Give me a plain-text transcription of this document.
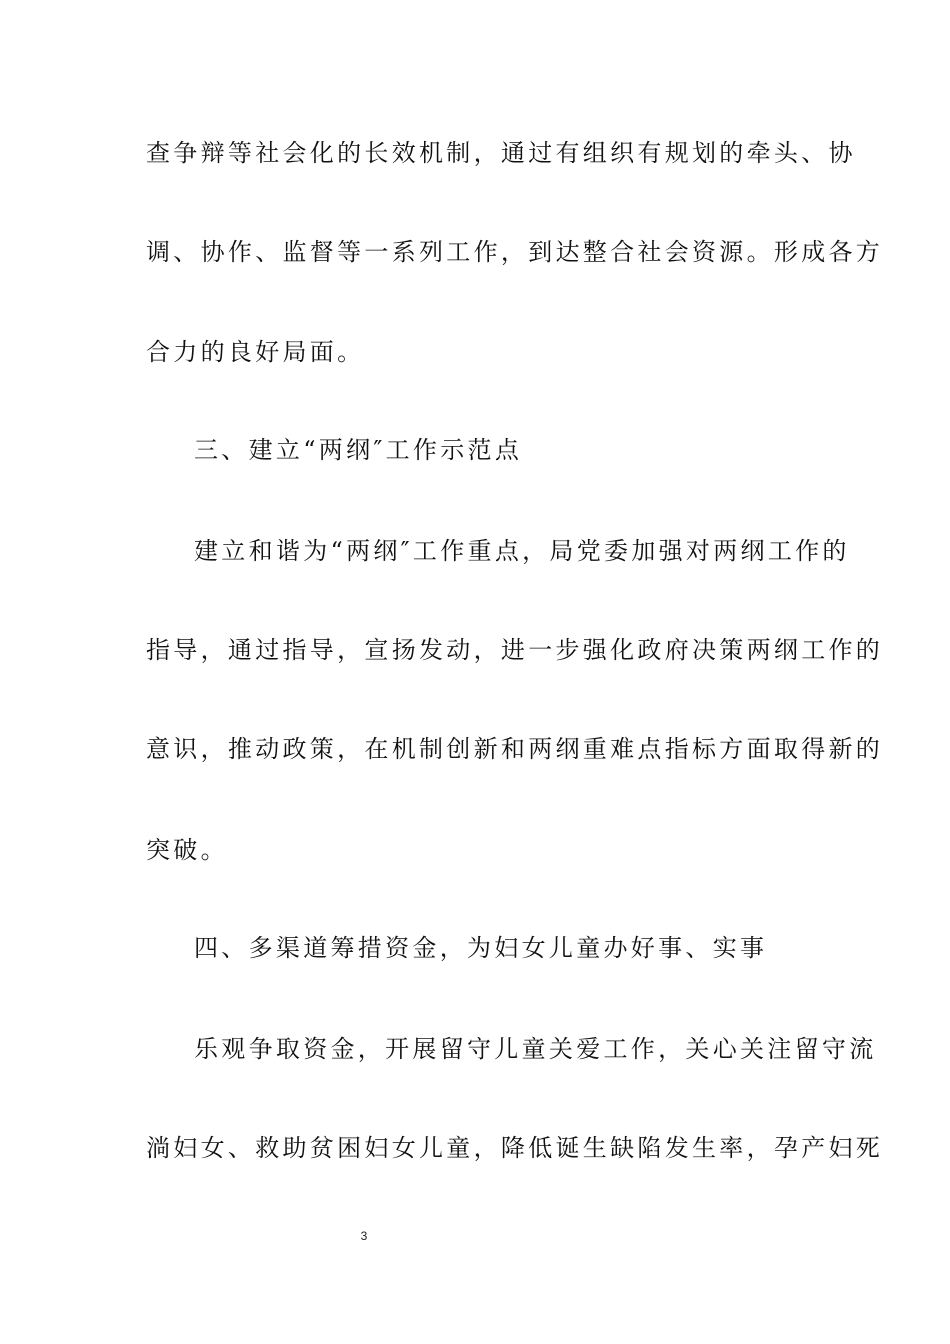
查争辩等社会化的长效机制，通过有组织有规划的牵头、协
调、协作、监督等一系列工作，到达整合社会资源。形成各方
合力的良好局面。
三、建立“两纲″工作示范点
建立和谐为“两纲″工作重点，局党委加强对两纲工作的
指导，通过指导，宣扬发动，进一步强化政府决策两纲工作的
意识，推动政策，在机制创新和两纲重难点指标方面取得新的
突破。
四、多渠道筹措资金，为妇女儿童办好事、实事
乐观争取资金，开展留守儿童关爱工作，关心关注留守流
淌妇女、救助贫困妇女儿童，降低诞生缺陷发生率，孕产妇死
3
